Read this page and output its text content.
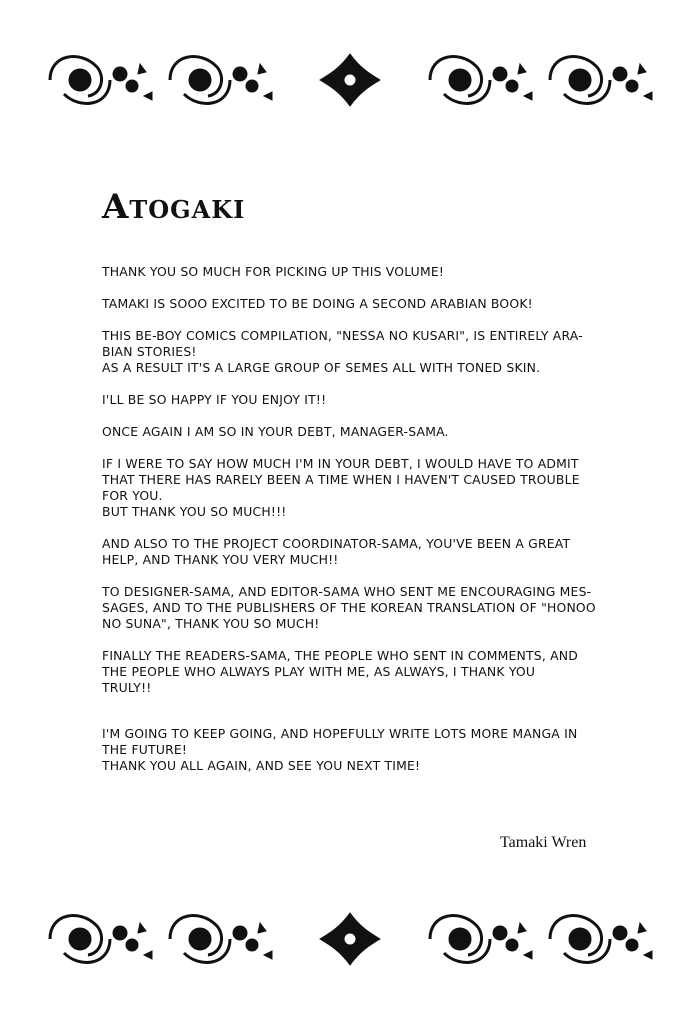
Atogaki

THANK YOU SO MUCH FOR PICKING UP THIS VOLUME!

TAMAKI IS SOOO EXCITED TO BE DOING A SECOND ARABIAN BOOK!

THIS BE-BOY COMICS COMPILATION, "NESSA NO KUSARI", IS ENTIRELY ARA-
BIAN STORIES!
AS A RESULT IT'S A LARGE GROUP OF SEMES ALL WITH TONED SKIN.

I'LL BE SO HAPPY IF YOU ENJOY IT!!

ONCE AGAIN I AM SO IN YOUR DEBT, MANAGER-SAMA.

IF I WERE TO SAY HOW MUCH I'M IN YOUR DEBT, I WOULD HAVE TO ADMIT
THAT THERE HAS RARELY BEEN A TIME WHEN I HAVEN'T CAUSED TROUBLE
FOR YOU.
BUT THANK YOU SO MUCH!!!

AND ALSO TO THE PROJECT COORDINATOR-SAMA, YOU'VE BEEN A GREAT
HELP, AND THANK YOU VERY MUCH!!

TO DESIGNER-SAMA, AND EDITOR-SAMA WHO SENT ME ENCOURAGING MES-
SAGES, AND TO THE PUBLISHERS OF THE KOREAN TRANSLATION OF "HONOO
NO SUNA", THANK YOU SO MUCH!

FINALLY THE READERS-SAMA, THE PEOPLE WHO SENT IN COMMENTS, AND
THE PEOPLE WHO ALWAYS PLAY WITH ME, AS ALWAYS, I THANK YOU
TRULY!!

I'M GOING TO KEEP GOING, AND HOPEFULLY WRITE LOTS MORE MANGA IN
THE FUTURE!
THANK YOU ALL AGAIN, AND SEE YOU NEXT TIME!

Tamaki Wren
